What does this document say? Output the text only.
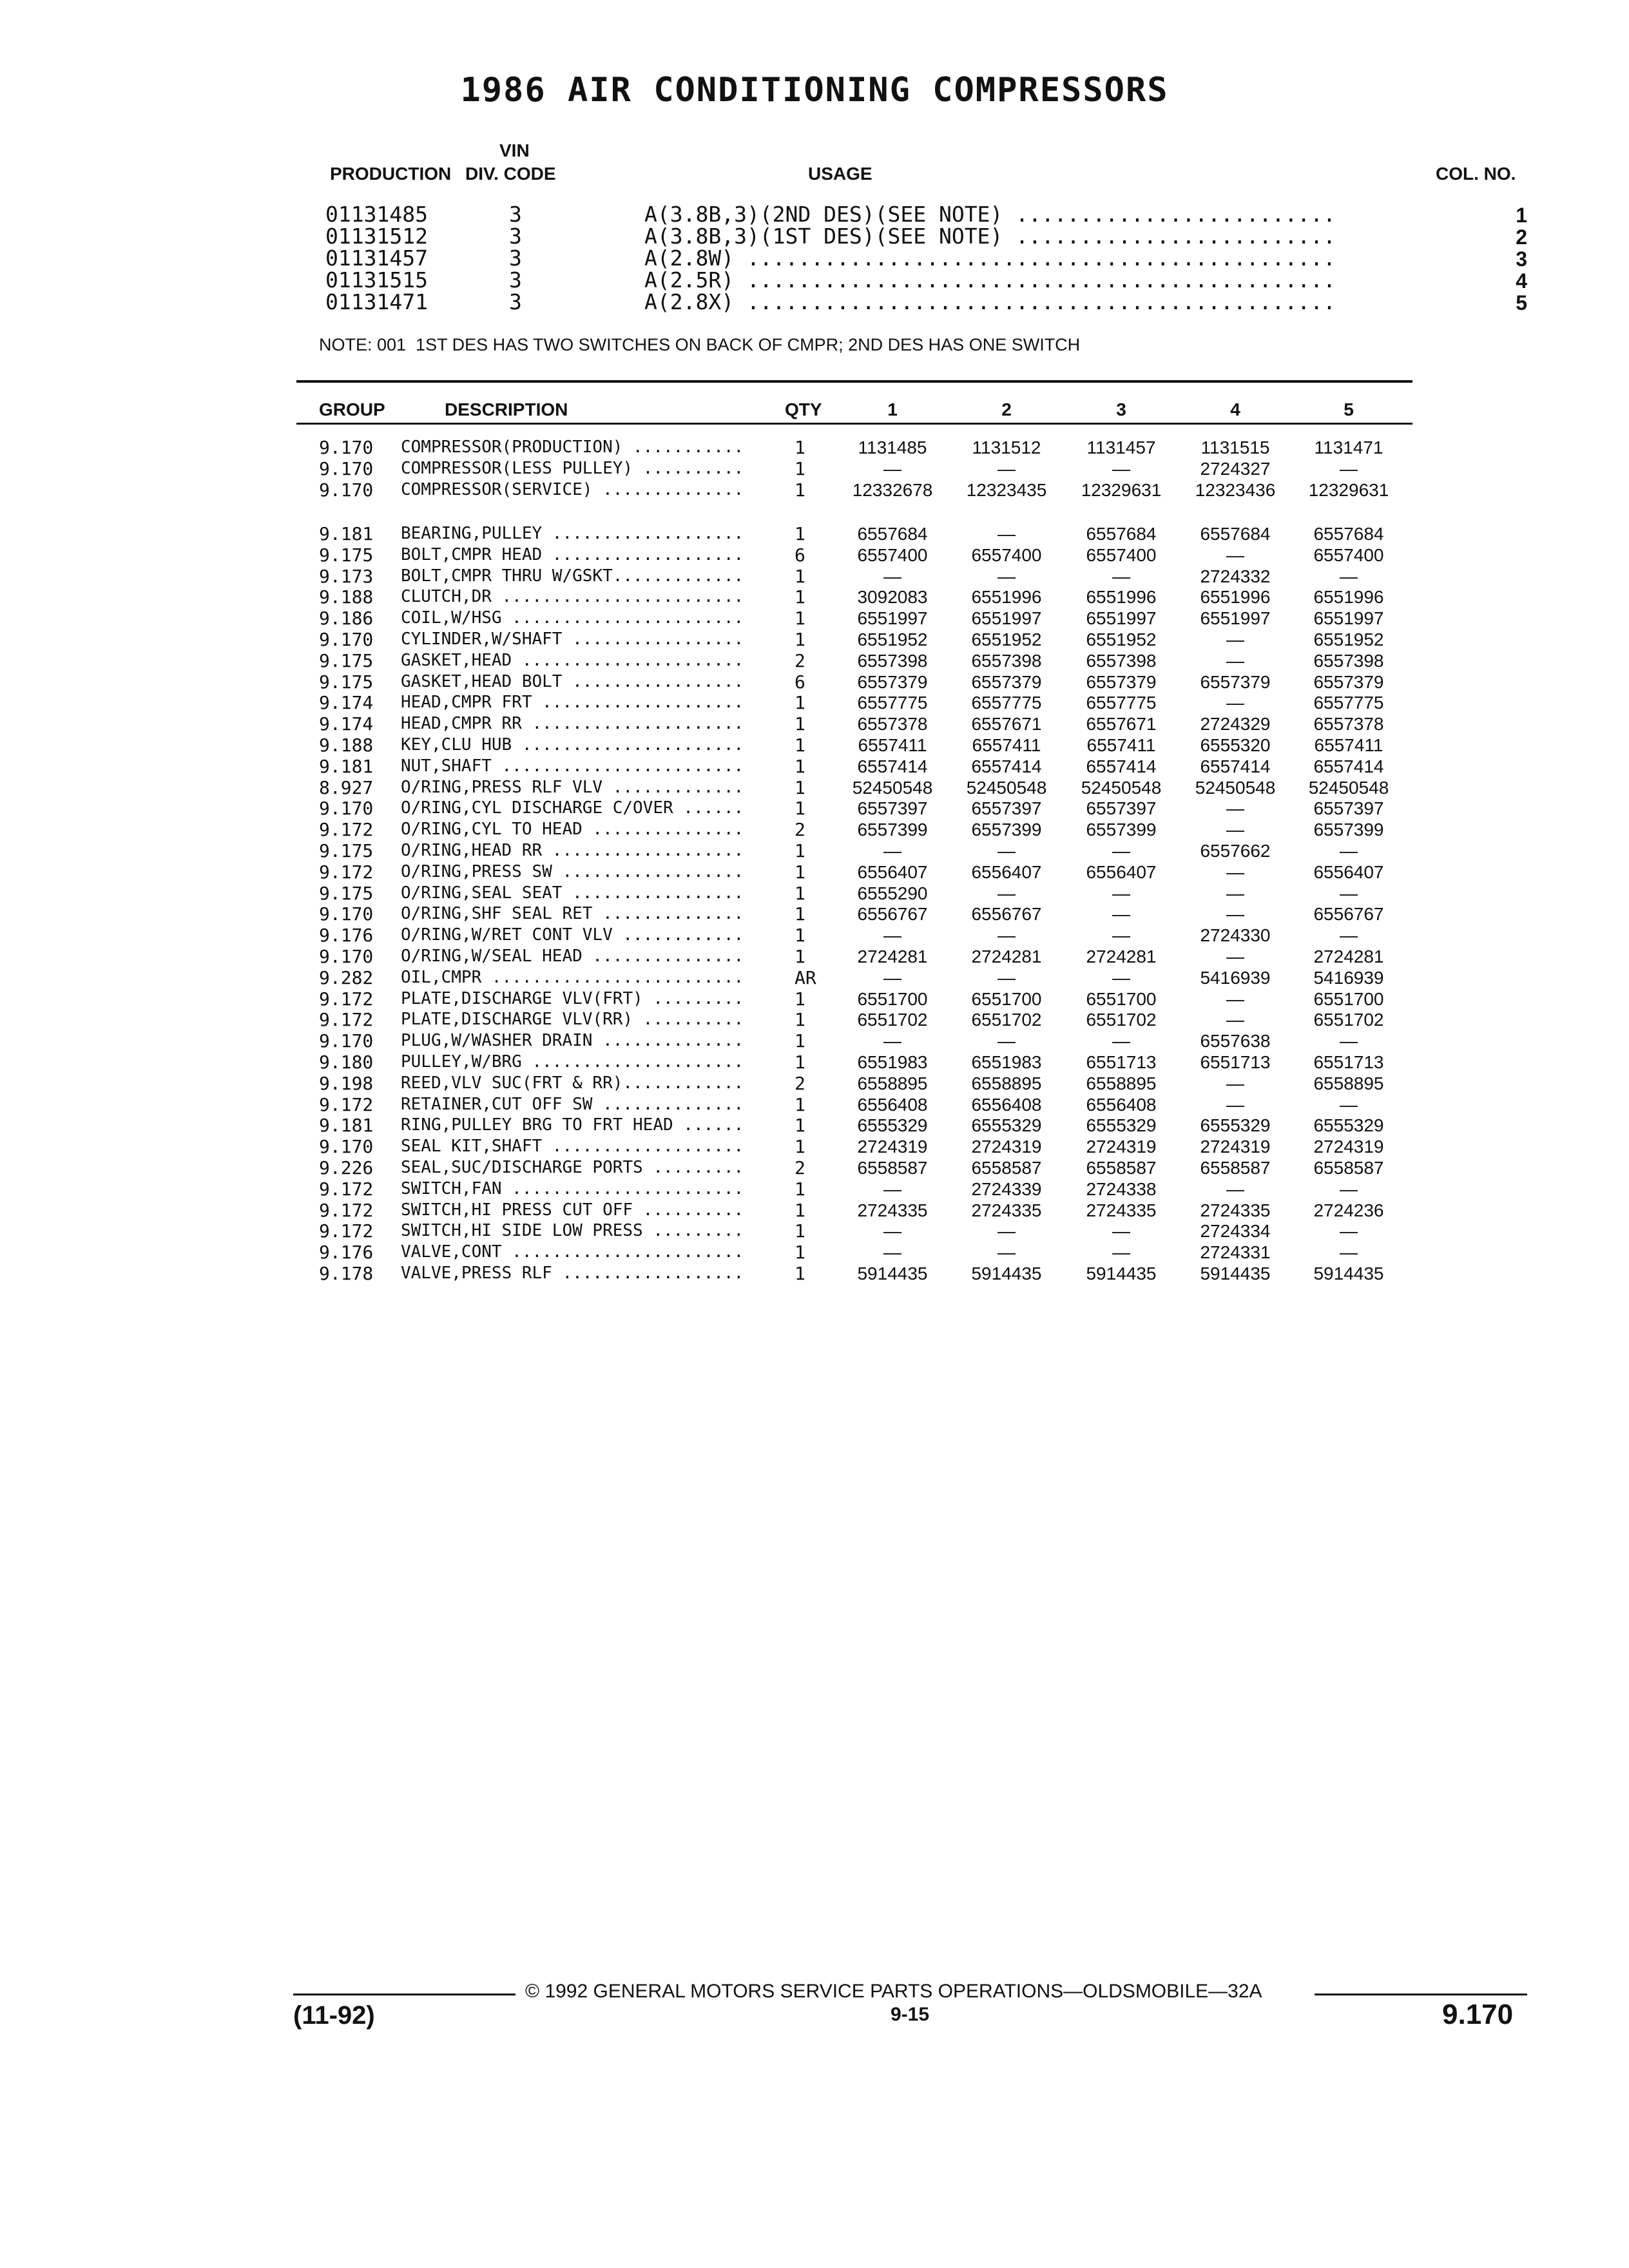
1986 AIR CONDITIONING COMPRESSORS
VIN
PRODUCTION DIV. CODE	USAGE	COL. NO.
01131485	3	A(3.8B,3)(2ND DES)(SEE NOTE) .........................	1
01131512	3	A(3.8B,3)(1ST DES)(SEE NOTE) .........................	2
01131457	3	A(2.8W) ..............................................	3
01131515	3	A(2.5R) ..............................................	4
01131471	3	A(2.8X) ..............................................	5
NOTE: 001  1ST DES HAS TWO SWITCHES ON BACK OF CMPR; 2ND DES HAS ONE SWITCH
GROUP	DESCRIPTION	QTY	1	2	3	4	5
9.170 COMPRESSOR(PRODUCTION) ...........	1	1131485	1131512	1131457	1131515	1131471
9.170 COMPRESSOR(LESS PULLEY) ..........	1	—	—	—	2724327	—
9.170 COMPRESSOR(SERVICE) ..............	1	12332678	12323435	12329631	12323436	12329631
9.181 BEARING,PULLEY ...................	1	6557684	—	6557684	6557684	6557684
9.175 BOLT,CMPR HEAD ...................	6	6557400	6557400	6557400	—	6557400
9.173 BOLT,CMPR THRU W/GSKT.............	1	—	—	—	2724332	—
9.188 CLUTCH,DR ........................	1	3092083	6551996	6551996	6551996	6551996
9.186 COIL,W/HSG .......................	1	6551997	6551997	6551997	6551997	6551997
9.170 CYLINDER,W/SHAFT .................	1	6551952	6551952	6551952	—	6551952
9.175 GASKET,HEAD ......................	2	6557398	6557398	6557398	—	6557398
9.175 GASKET,HEAD BOLT .................	6	6557379	6557379	6557379	6557379	6557379
9.174 HEAD,CMPR FRT ....................	1	6557775	6557775	6557775	—	6557775
9.174 HEAD,CMPR RR .....................	1	6557378	6557671	6557671	2724329	6557378
9.188 KEY,CLU HUB ......................	1	6557411	6557411	6557411	6555320	6557411
9.181 NUT,SHAFT ........................	1	6557414	6557414	6557414	6557414	6557414
8.927 O/RING,PRESS RLF VLV .............	1	52450548	52450548	52450548	52450548	52450548
9.170 O/RING,CYL DISCHARGE C/OVER ......	1	6557397	6557397	6557397	—	6557397
9.172 O/RING,CYL TO HEAD ...............	2	6557399	6557399	6557399	—	6557399
9.175 O/RING,HEAD RR ...................	1	—	—	—	6557662	—
9.172 O/RING,PRESS SW ..................	1	6556407	6556407	6556407	—	6556407
9.175 O/RING,SEAL SEAT .................	1	6555290	—	—	—	—
9.170 O/RING,SHF SEAL RET ..............	1	6556767	6556767	—	—	6556767
9.176 O/RING,W/RET CONT VLV ............	1	—	—	—	2724330	—
9.170 O/RING,W/SEAL HEAD ...............	1	2724281	2724281	2724281	—	2724281
9.282 OIL,CMPR .........................	AR	—	—	—	5416939	5416939
9.172 PLATE,DISCHARGE VLV(FRT) .........	1	6551700	6551700	6551700	—	6551700
9.172 PLATE,DISCHARGE VLV(RR) ..........	1	6551702	6551702	6551702	—	6551702
9.170 PLUG,W/WASHER DRAIN ..............	1	—	—	—	6557638	—
9.180 PULLEY,W/BRG .....................	1	6551983	6551983	6551713	6551713	6551713
9.198 REED,VLV SUC(FRT & RR)............	2	6558895	6558895	6558895	—	6558895
9.172 RETAINER,CUT OFF SW ..............	1	6556408	6556408	6556408	—	—
9.181 RING,PULLEY BRG TO FRT HEAD ......	1	6555329	6555329	6555329	6555329	6555329
9.170 SEAL KIT,SHAFT ...................	1	2724319	2724319	2724319	2724319	2724319
9.226 SEAL,SUC/DISCHARGE PORTS .........	2	6558587	6558587	6558587	6558587	6558587
9.172 SWITCH,FAN .......................	1	—	2724339	2724338	—	—
9.172 SWITCH,HI PRESS CUT OFF ..........	1	2724335	2724335	2724335	2724335	2724236
9.172 SWITCH,HI SIDE LOW PRESS .........	1	—	—	—	2724334	—
9.176 VALVE,CONT .......................	1	—	—	—	2724331	—
9.178 VALVE,PRESS RLF ..................	1	5914435	5914435	5914435	5914435	5914435
© 1992 GENERAL MOTORS SERVICE PARTS OPERATIONS—OLDSMOBILE—32A
(11-92)	9-15	9.170
